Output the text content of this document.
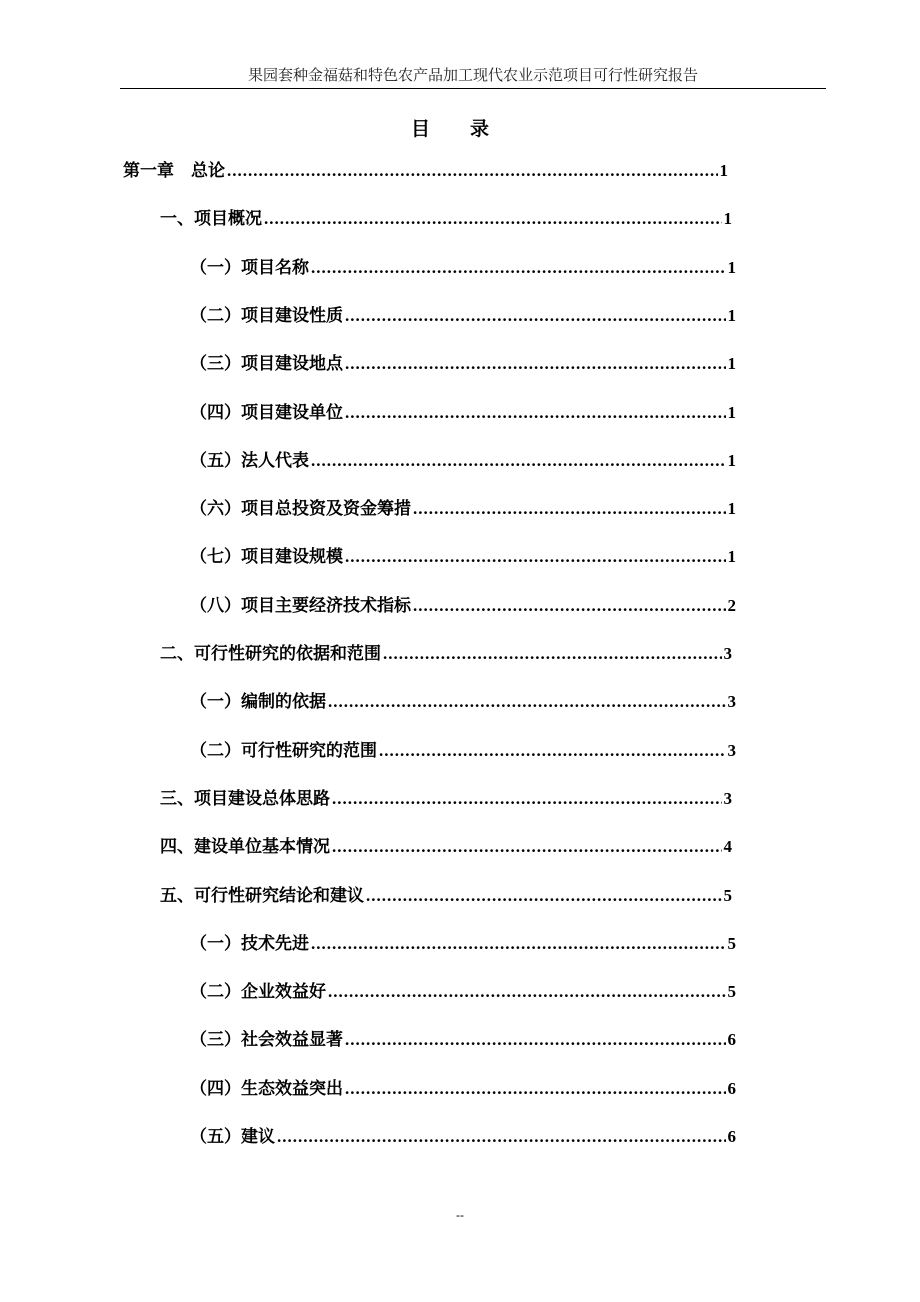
果园套种金福菇和特色农产品加工现代农业示范项目可行性研究报告
目录
第一章　总论 .....	1
一、项目概况 .....	1
（一）项目名称 .....	1
（二）项目建设性质 .....	1
（三）项目建设地点 .....	1
（四）项目建设单位 .....	1
（五）法人代表 .....	1
（六）项目总投资及资金筹措 .....	1
（七）项目建设规模 .....	1
（八）项目主要经济技术指标 .....	2
二、可行性研究的依据和范围 .....	3
（一）编制的依据 .....	3
（二）可行性研究的范围 .....	3
三、项目建设总体思路 .....	3
四、建设单位基本情况 .....	4
五、可行性研究结论和建议 .....	5
（一）技术先进 .....	5
（二）企业效益好 .....	5
（三）社会效益显著 .....	6
（四）生态效益突出 .....	6
（五）建议 .....	6
--
